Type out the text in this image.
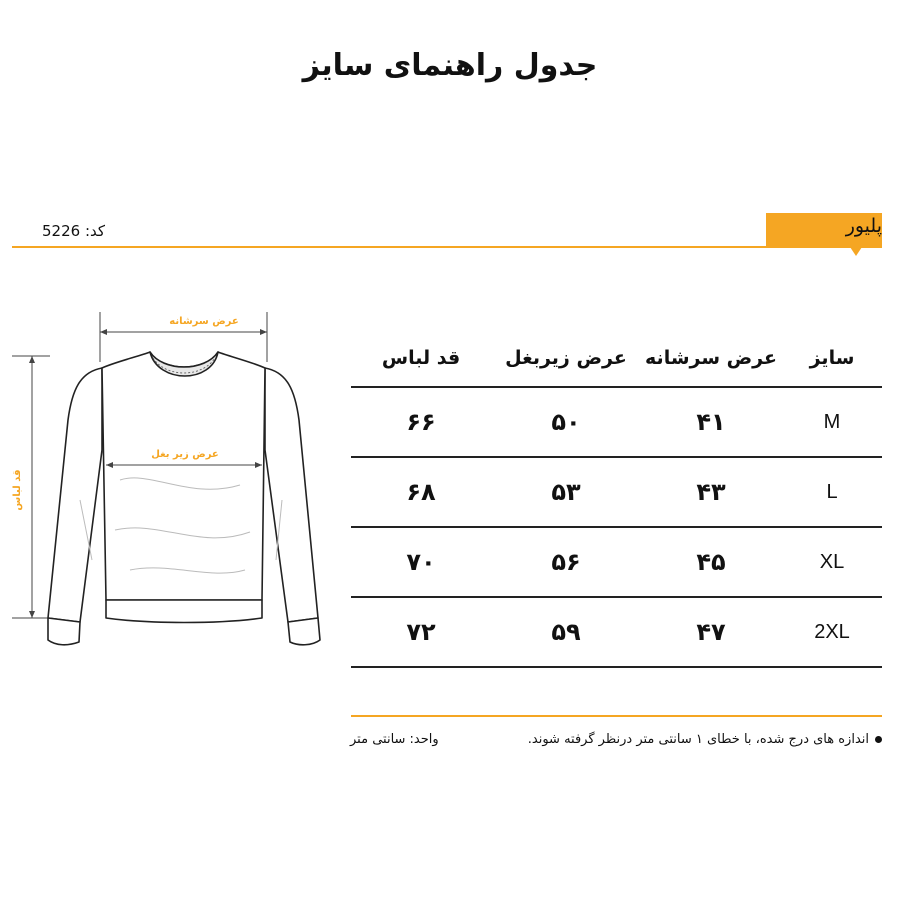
جدول راهنمای سایز
پلیور
کد: 5226
عرض سرشانه
قد لباس
عرض زیر بغل
سایز
عرض سرشانه
عرض زیربغل
قد لباس
M
۴۱
۵۰
۶۶
L
۴۳
۵۳
۶۸
XL
۴۵
۵۶
۷۰
2XL
۴۷
۵۹
۷۲
اندازه های درج شده، با خطای ۱ سانتی متر درنظر گرفته شوند.
واحد: سانتی متر
